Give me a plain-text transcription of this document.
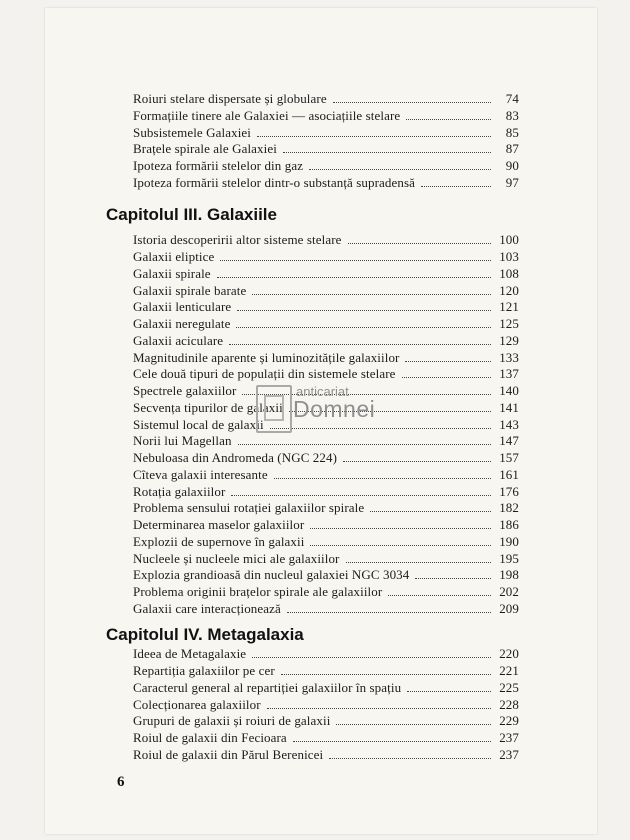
Roiuri stelare dispersate și globulare	74
Formațiile tinere ale Galaxiei — asociațiile stelare	83
Subsistemele Galaxiei	85
Brațele spirale ale Galaxiei	87
Ipoteza formării stelelor din gaz	90
Ipoteza formării stelelor dintr-o substanță supradensă	97
Capitolul III. Galaxiile
Istoria descoperirii altor sisteme stelare	100
Galaxii eliptice	103
Galaxii spirale	108
Galaxii spirale barate	120
Galaxii lenticulare	121
Galaxii neregulate	125
Galaxii aciculare	129
Magnitudinile aparente și luminozitățile galaxiilor	133
Cele două tipuri de populații din sistemele stelare	137
Spectrele galaxiilor	140
Secvența tipurilor de galaxii	141
Sistemul local de galaxii	143
Norii lui Magellan	147
Nebuloasa din Andromeda (NGC 224)	157
Cîteva galaxii interesante	161
Rotația galaxiilor	176
Problema sensului rotației galaxiilor spirale	182
Determinarea maselor galaxiilor	186
Explozii de supernove în galaxii	190
Nucleele și nucleele mici ale galaxiilor	195
Explozia grandioasă din nucleul galaxiei NGC 3034	198
Problema originii brațelor spirale ale galaxiilor	202
Galaxii care interacționează	209
Capitolul IV. Metagalaxia
Ideea de Metagalaxie	220
Repartiția galaxiilor pe cer	221
Caracterul general al repartiției galaxiilor în spațiu	225
Colecționarea galaxiilor	228
Grupuri de galaxii și roiuri de galaxii	229
Roiul de galaxii din Fecioara	237
Roiul de galaxii din Părul Berenicei	237
6
anticariat
Domnei
